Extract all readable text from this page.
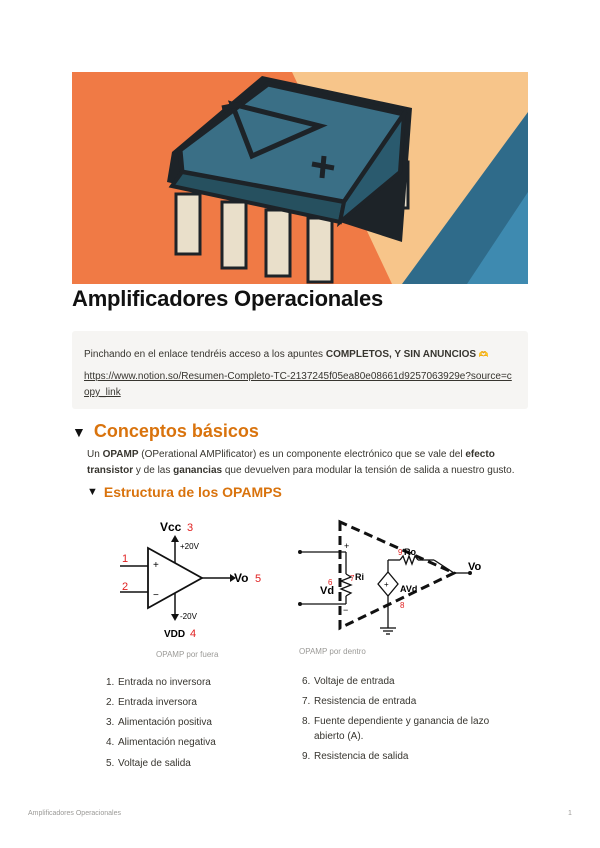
Amplificadores Operacionales
Pinchando en el enlace tendréis acceso a los apuntes COMPLETOS, Y SIN ANUNCIOS 🫶
https://www.notion.so/Resumen-Completo-TC-2137245f05ea80e08661d9257063929e?source=copy_link
▼ Conceptos básicos
Un OPAMP (OPerational AMPlificator) es un componente electrónico que se vale del efecto transistor y de las ganancias que devuelven para modular la tensión de salida a nuestro gusto.
▼ Estructura de los OPAMPS
+
−
1
2
Vcc 3
+20V
Vo 5
-20V
VDD 4
OPAMP por fuera
+
−
Vo
Vd
6
Ri
7
Ro
9
+ AVd
8
OPAMP por dentro
1. Entrada no inversora
2. Entrada inversora
3. Alimentación positiva
4. Alimentación negativa
5. Voltaje de salida
6. Voltaje de entrada
7. Resistencia de entrada
8. Fuente dependiente y ganancia de lazo abierto (A).
9. Resistencia de salida
Amplificadores Operacionales	1
